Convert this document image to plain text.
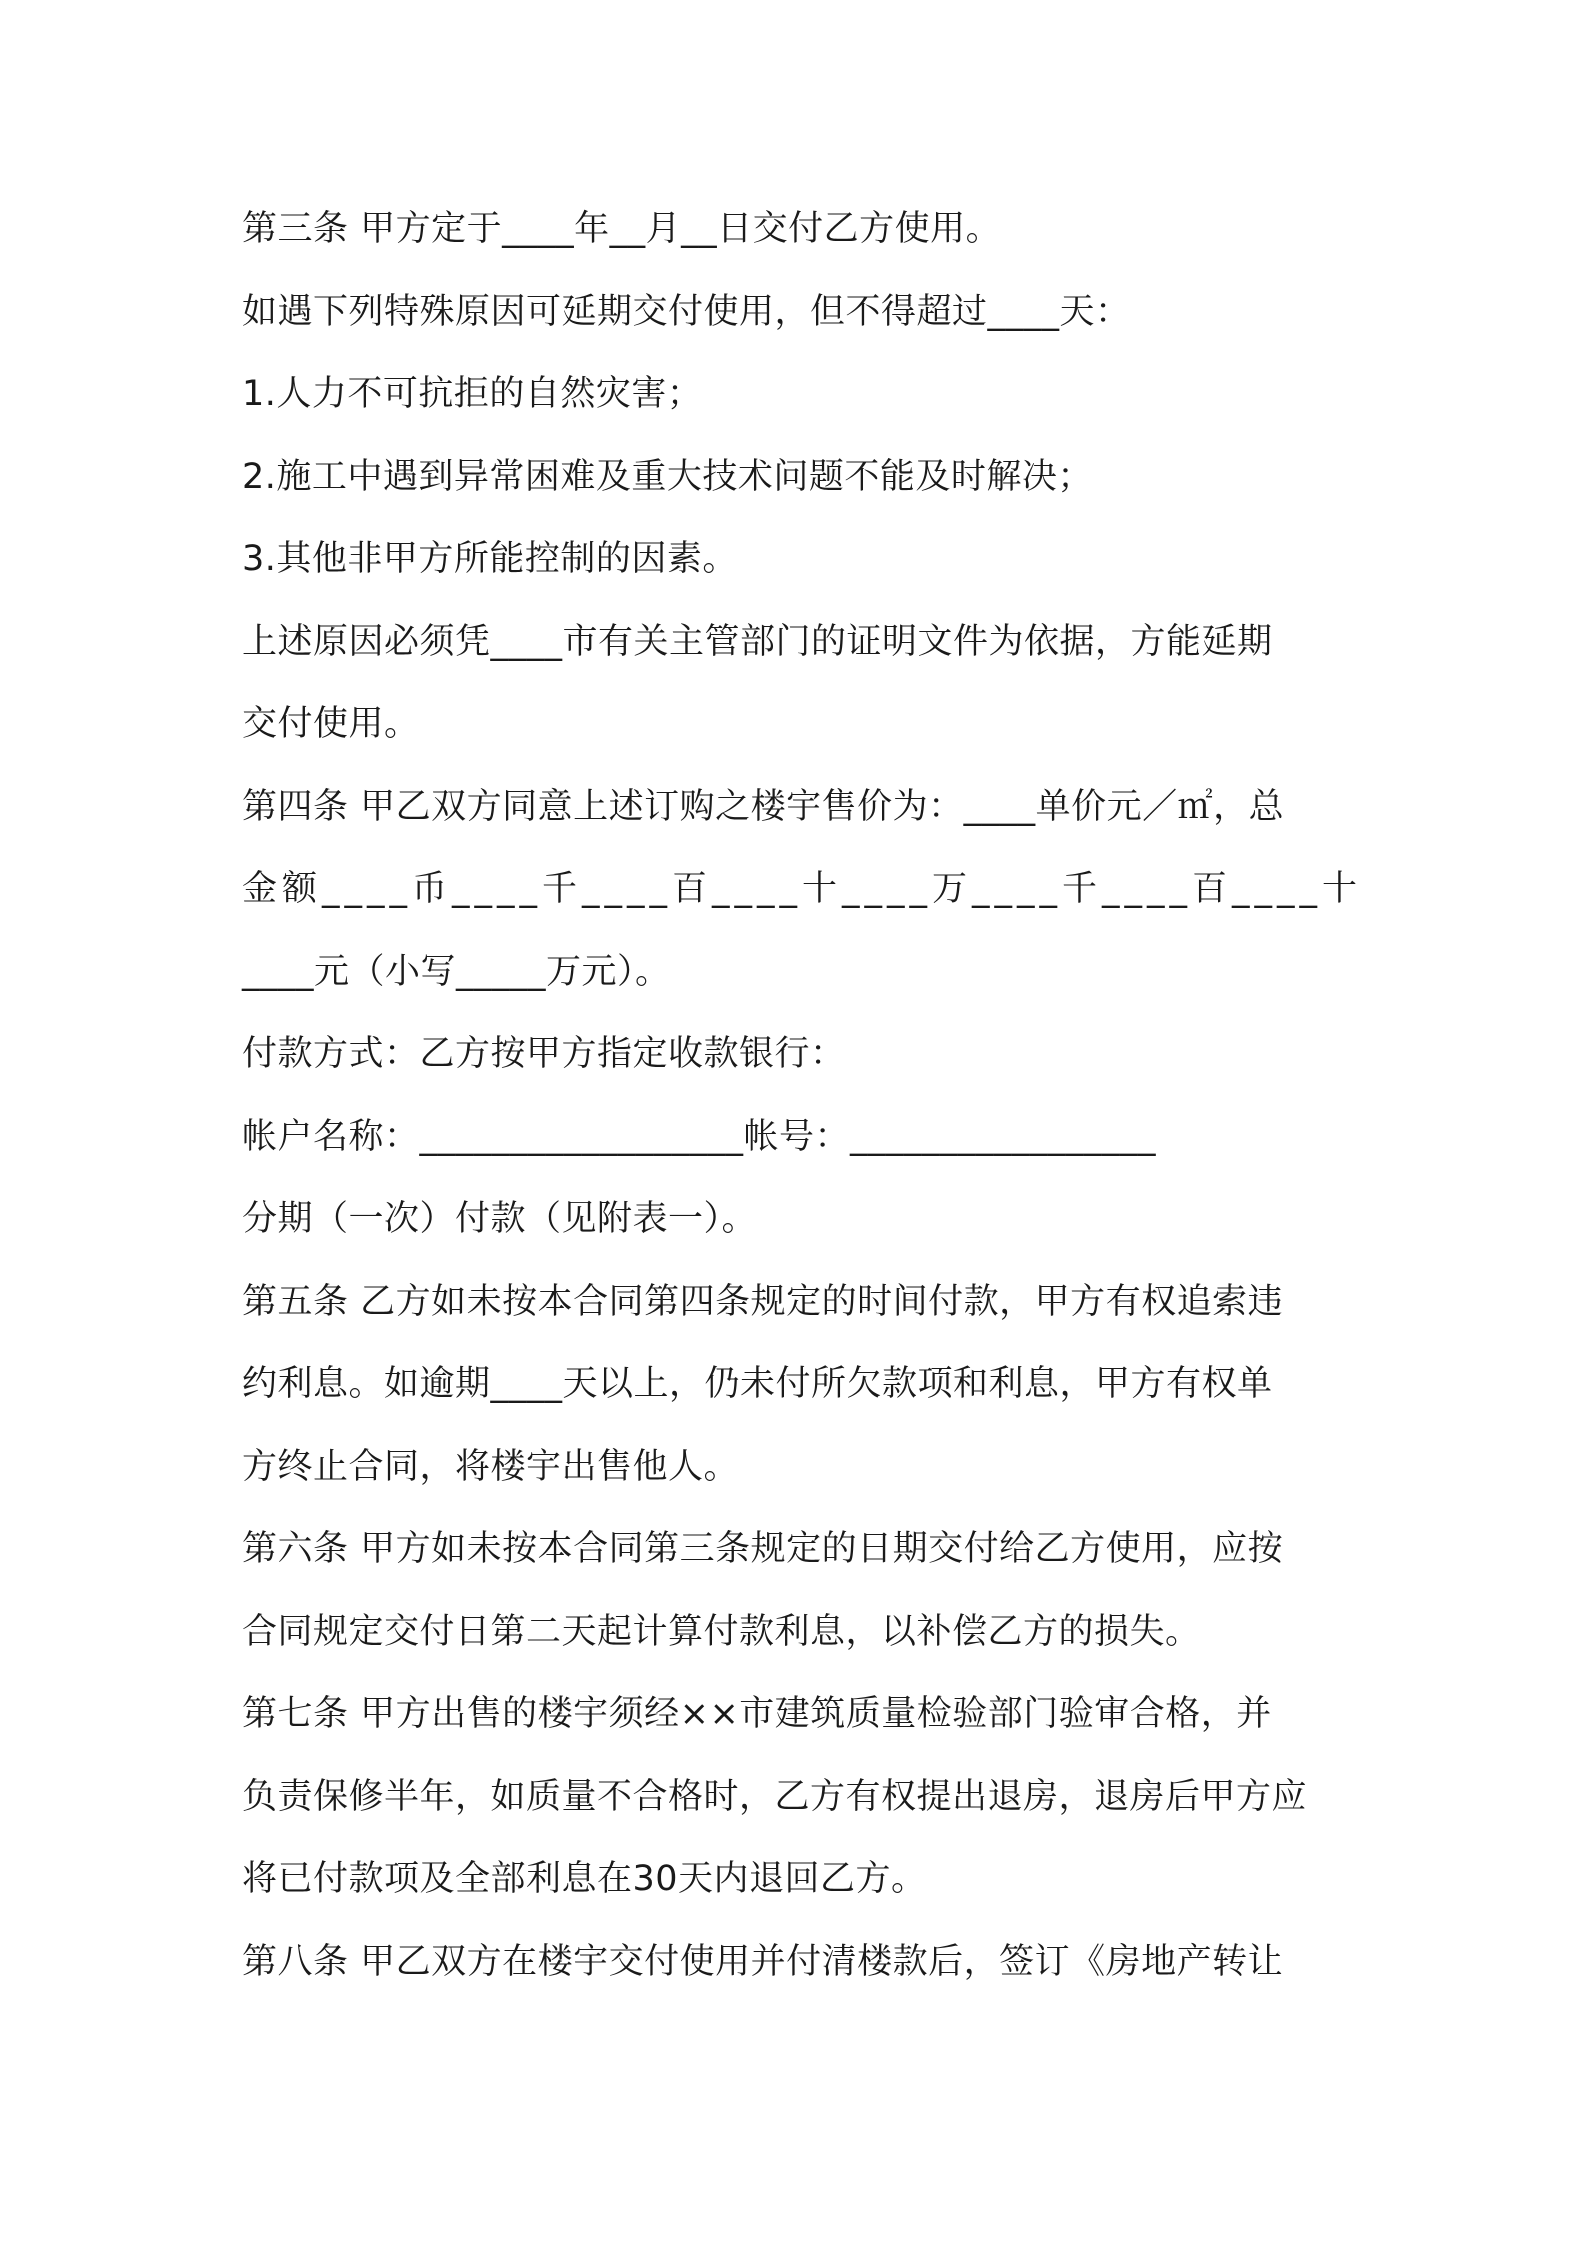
第三条 甲方定于____年__月__日交付乙方使用。
如遇下列特殊原因可延期交付使用，但不得超过____天：
1.人力不可抗拒的自然灾害；
2.施工中遇到异常困难及重大技术问题不能及时解决；
3.其他非甲方所能控制的因素。
上述原因必须凭____市有关主管部门的证明文件为依据，方能延期
交付使用。
第四条 甲乙双方同意上述订购之楼宇售价为：____单价元／㎡，总
金额____币____千____百____十____万____千____百____十
____元（小写_____万元）。
付款方式：乙方按甲方指定收款银行：
帐户名称：__________________帐号：_________________
分期（一次）付款（见附表一）。
第五条 乙方如未按本合同第四条规定的时间付款，甲方有权追索违
约利息。如逾期____天以上，仍未付所欠款项和利息，甲方有权单
方终止合同，将楼宇出售他人。
第六条 甲方如未按本合同第三条规定的日期交付给乙方使用，应按
合同规定交付日第二天起计算付款利息，以补偿乙方的损失。
第七条 甲方出售的楼宇须经××市建筑质量检验部门验审合格，并
负责保修半年，如质量不合格时，乙方有权提出退房，退房后甲方应
将已付款项及全部利息在30天内退回乙方。
第八条 甲乙双方在楼宇交付使用并付清楼款后，签订《房地产转让
